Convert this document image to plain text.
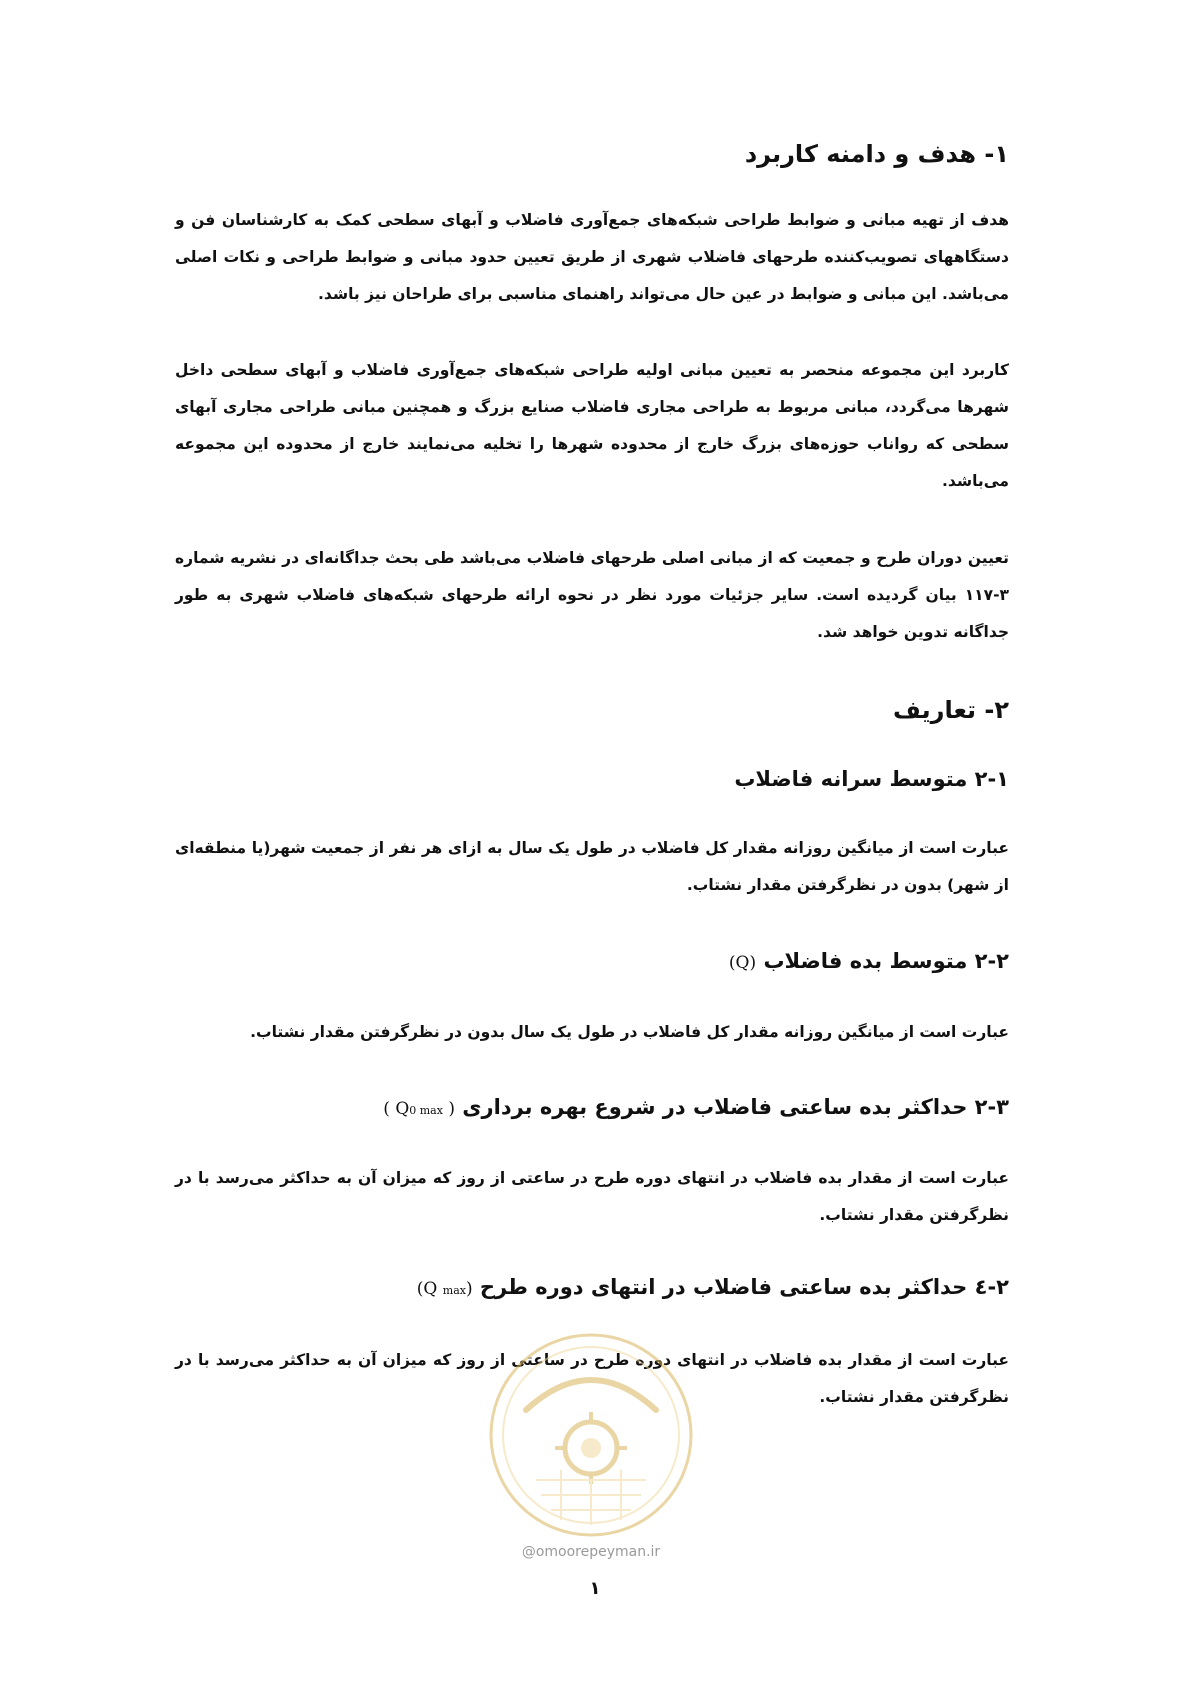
۱- هدف و دامنه کاربرد

هدف از تهیه مبانی و ضوابط طراحی شبکه‌های جمع‌آوری فاضلاب و آبهای سطحی کمک به کارشناسان فن و دستگاههای تصویب‌کننده طرحهای فاضلاب شهری از طریق تعیین حدود مبانی و ضوابط طراحی و نکات اصلی می‌باشد. این مبانی و ضوابط در عین حال می‌تواند راهنمای مناسبی برای طراحان نیز باشد.

کاربرد این مجموعه منحصر به تعیین مبانی اولیه طراحی شبکه‌های جمع‌آوری فاضلاب و آبهای سطحی داخل شهرها می‌گردد، مبانی مربوط به طراحی مجاری فاضلاب صنایع بزرگ و همچنین مبانی طراحی مجاری آبهای سطحی که رواناب حوزه‌های بزرگ خارج از محدوده شهرها را تخلیه می‌نمایند خارج از محدوده این مجموعه می‌باشد.

تعیین دوران طرح و جمعیت که از مبانی اصلی طرحهای فاضلاب می‌باشد طی بحث جداگانه‌ای در نشریه شماره ۳-۱۱۷ بیان گردیده است. سایر جزئیات مورد نظر در نحوه ارائه طرحهای شبکه‌های فاضلاب شهری به طور جداگانه تدوین خواهد شد.

۲- تعاریف
۲-۱ متوسط سرانه فاضلاب

عبارت است از میانگین روزانه مقدار کل فاضلاب در طول یک سال به ازای هر نفر از جمعیت شهر(یا منطقه‌ای از شهر) بدون در نظرگرفتن مقدار نشتاب.

۲-۲ متوسط بده فاضلاب (Q)

عبارت است از میانگین روزانه مقدار کل فاضلاب در طول یک سال بدون در نظرگرفتن مقدار نشتاب.

۲-۳ حداکثر بده ساعتی فاضلاب در شروع بهره برداری ( Q0 max )

عبارت است از مقدار بده فاضلاب در انتهای دوره طرح در ساعتی از روز که میزان آن به حداکثر می‌رسد با در نظرگرفتن مقدار نشتاب.

۲-٤ حداکثر بده ساعتی فاضلاب در انتهای دوره طرح (Q max)

عبارت است از مقدار بده فاضلاب در انتهای دوره طرح در ساعتی از روز که میزان آن به حداکثر می‌رسد با در نظرگرفتن مقدار نشتاب.

@omoorepeyman.ir
۱
